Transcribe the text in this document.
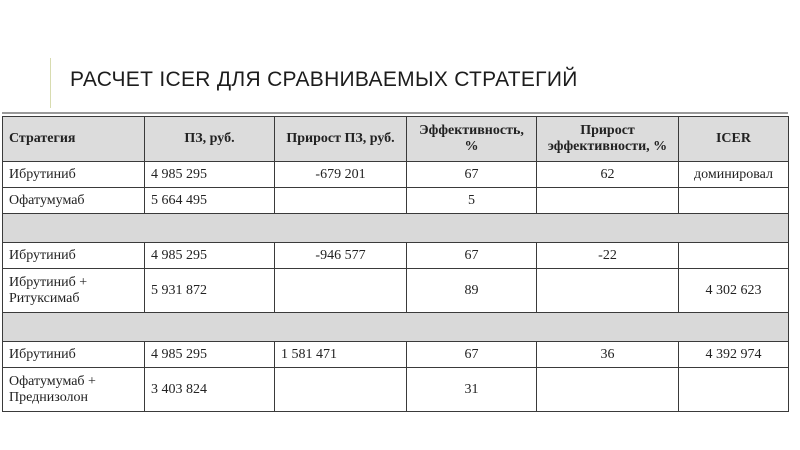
РАСЧЕТ ICER ДЛЯ СРАВНИВАЕМЫХ СТРАТЕГИЙ
Стратегия	ПЗ, руб.	Прирост ПЗ, руб.	Эффективность, %	Прирост эффективности, %	ICER
Ибрутиниб	4 985 295	-679 201	67	62	доминировал
Офатумумаб	5 664 495		5		

Ибрутиниб	4 985 295	-946 577	67	-22	
Ибрутиниб + Ритуксимаб	5 931 872		89		4 302 623

Ибрутиниб	4 985 295	1 581 471	67	36	4 392 974
Офатумумаб + Преднизолон	3 403 824		31		
